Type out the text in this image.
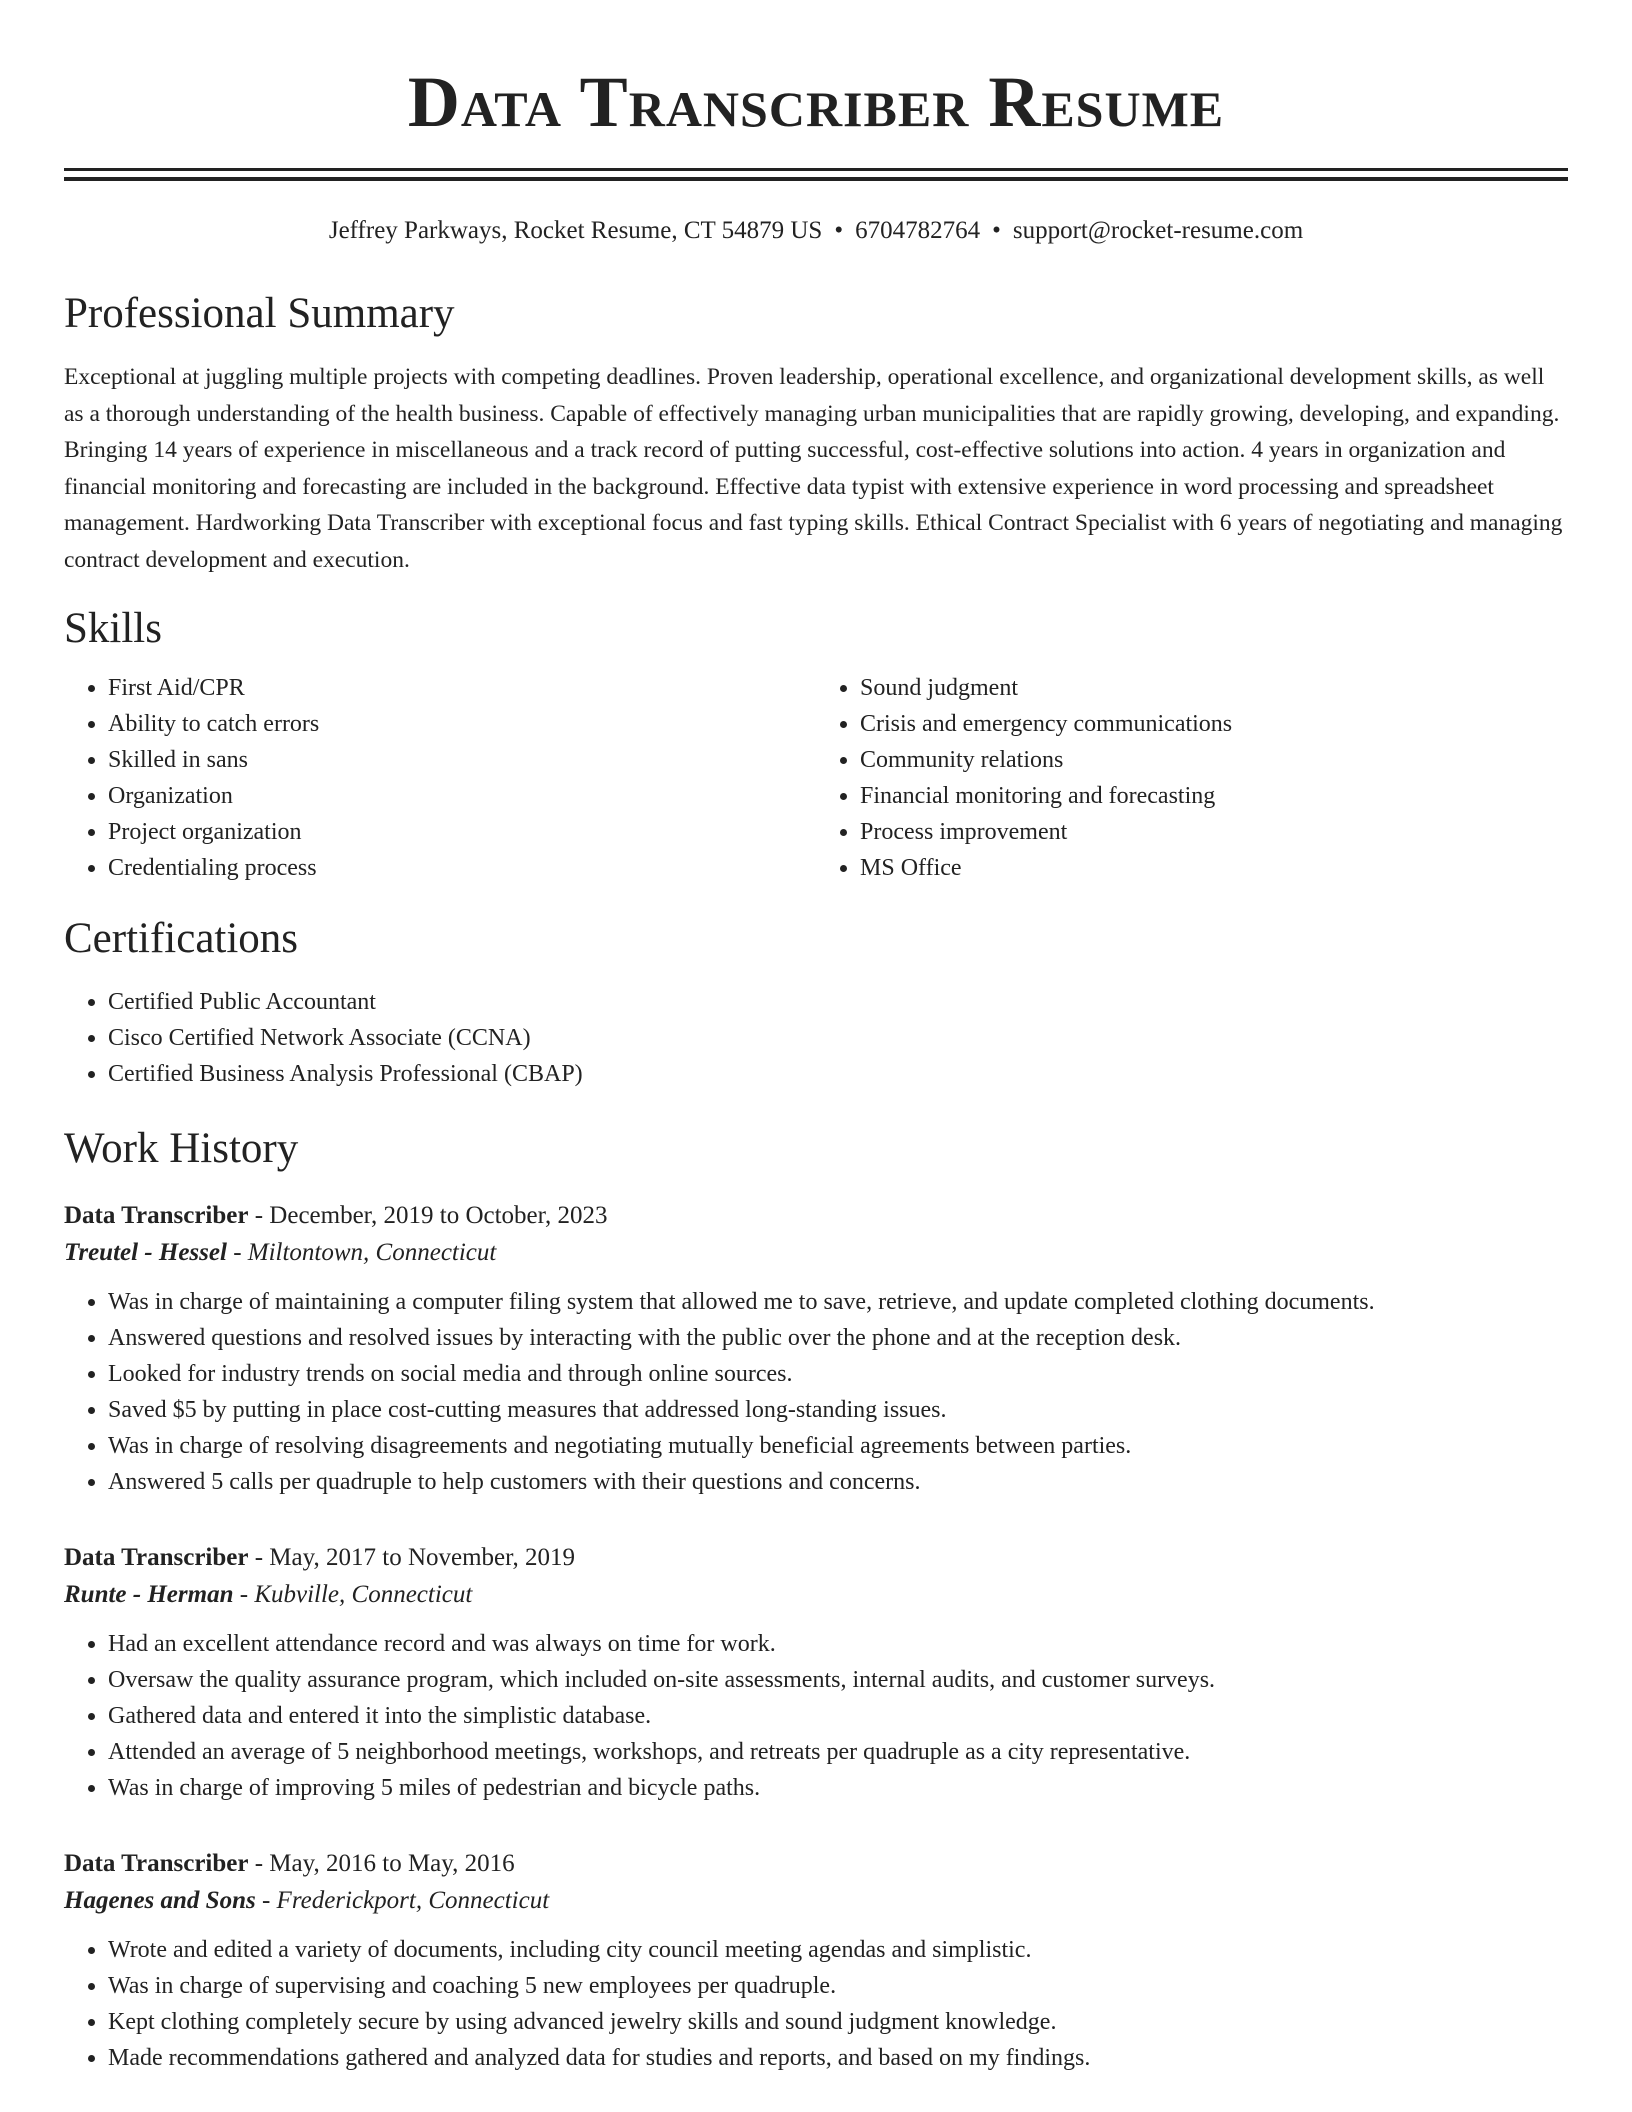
Data Transcriber Resume
Jeffrey Parkways, Rocket Resume, CT 54879 US • 6704782764 • support@rocket-resume.com
Professional Summary

Exceptional at juggling multiple projects with competing deadlines. Proven leadership, operational excellence, and organizational development skills, as well as a thorough understanding of the health business. Capable of effectively managing urban municipalities that are rapidly growing, developing, and expanding. Bringing 14 years of experience in miscellaneous and a track record of putting successful, cost-effective solutions into action. 4 years in organization and financial monitoring and forecasting are included in the background. Effective data typist with extensive experience in word processing and spreadsheet management. Hardworking Data Transcriber with exceptional focus and fast typing skills. Ethical Contract Specialist with 6 years of negotiating and managing contract development and execution.

Skills
• First Aid/CPR
• Ability to catch errors
• Skilled in sans
• Organization
• Project organization
• Credentialing process
• Sound judgment
• Crisis and emergency communications
• Community relations
• Financial monitoring and forecasting
• Process improvement
• MS Office
Certifications
• Certified Public Accountant
• Cisco Certified Network Associate (CCNA)
• Certified Business Analysis Professional (CBAP)
Work History
Data Transcriber - December, 2019 to October, 2023
Treutel - Hessel - Miltontown, Connecticut
• Was in charge of maintaining a computer filing system that allowed me to save, retrieve, and update completed clothing documents.
• Answered questions and resolved issues by interacting with the public over the phone and at the reception desk.
• Looked for industry trends on social media and through online sources.
• Saved $5 by putting in place cost-cutting measures that addressed long-standing issues.
• Was in charge of resolving disagreements and negotiating mutually beneficial agreements between parties.
• Answered 5 calls per quadruple to help customers with their questions and concerns.
Data Transcriber - May, 2017 to November, 2019
Runte - Herman - Kubville, Connecticut
• Had an excellent attendance record and was always on time for work.
• Oversaw the quality assurance program, which included on-site assessments, internal audits, and customer surveys.
• Gathered data and entered it into the simplistic database.
• Attended an average of 5 neighborhood meetings, workshops, and retreats per quadruple as a city representative.
• Was in charge of improving 5 miles of pedestrian and bicycle paths.
Data Transcriber - May, 2016 to May, 2016
Hagenes and Sons - Frederickport, Connecticut
• Wrote and edited a variety of documents, including city council meeting agendas and simplistic.
• Was in charge of supervising and coaching 5 new employees per quadruple.
• Kept clothing completely secure by using advanced jewelry skills and sound judgment knowledge.
• Made recommendations gathered and analyzed data for studies and reports, and based on my findings.
